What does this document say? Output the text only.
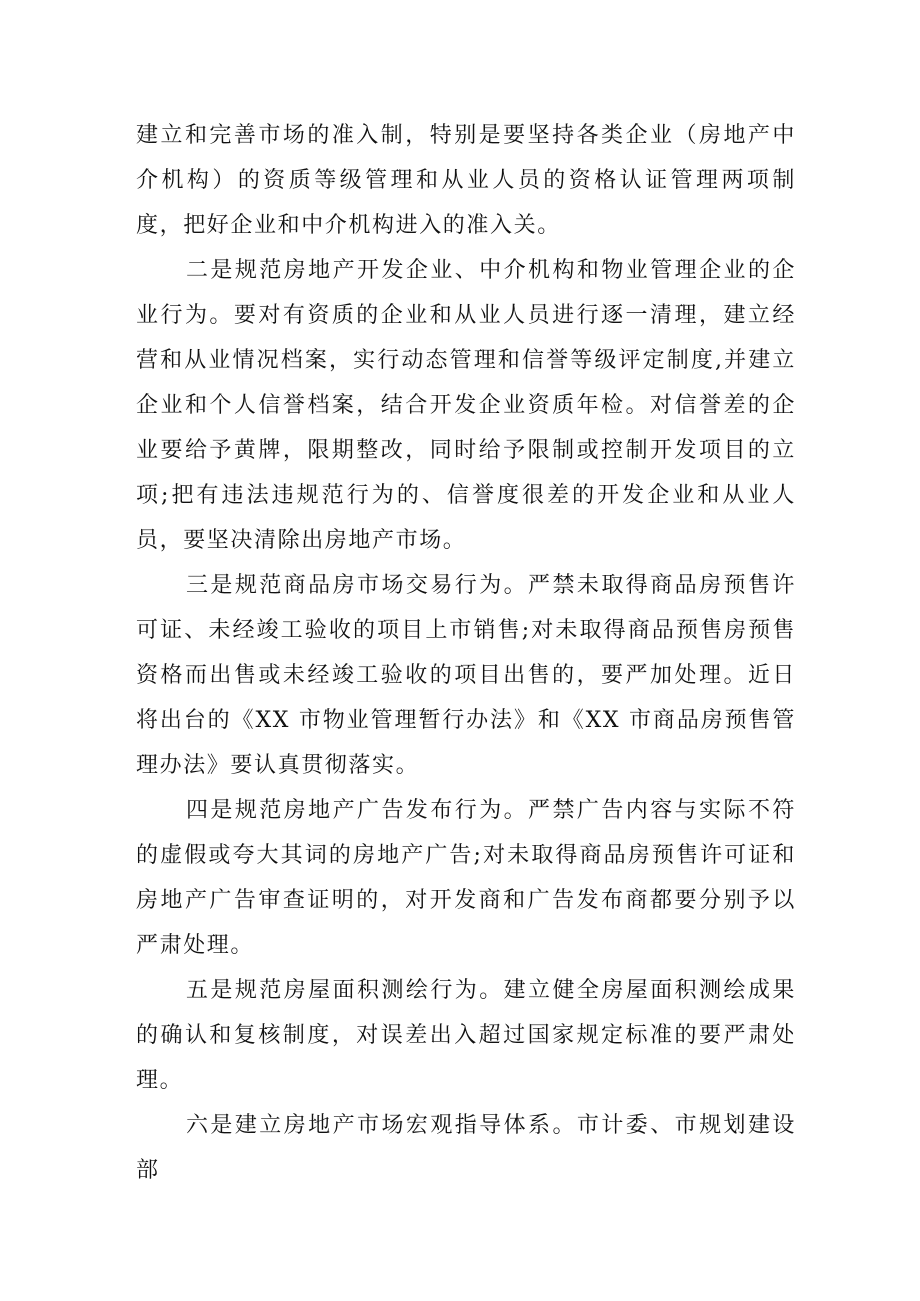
建立和完善市场的准入制，特别是要坚持各类企业（房地产中介机构）的资质等级管理和从业人员的资格认证管理两项制度，把好企业和中介机构进入的准入关。

二是规范房地产开发企业、中介机构和物业管理企业的企业行为。要对有资质的企业和从业人员进行逐一清理，建立经营和从业情况档案，实行动态管理和信誉等级评定制度,并建立企业和个人信誉档案，结合开发企业资质年检。对信誉差的企业要给予黄牌，限期整改，同时给予限制或控制开发项目的立项;把有违法违规范行为的、信誉度很差的开发企业和从业人员，要坚决清除出房地产市场。

三是规范商品房市场交易行为。严禁未取得商品房预售许可证、未经竣工验收的项目上市销售;对未取得商品预售房预售资格而出售或未经竣工验收的项目出售的，要严加处理。近日将出台的《XX 市物业管理暂行办法》和《XX 市商品房预售管理办法》要认真贯彻落实。

四是规范房地产广告发布行为。严禁广告内容与实际不符的虚假或夸大其词的房地产广告;对未取得商品房预售许可证和房地产广告审查证明的，对开发商和广告发布商都要分别予以严肃处理。

五是规范房屋面积测绘行为。建立健全房屋面积测绘成果的确认和复核制度，对误差出入超过国家规定标准的要严肃处理。

六是建立房地产市场宏观指导体系。市计委、市规划建设部
